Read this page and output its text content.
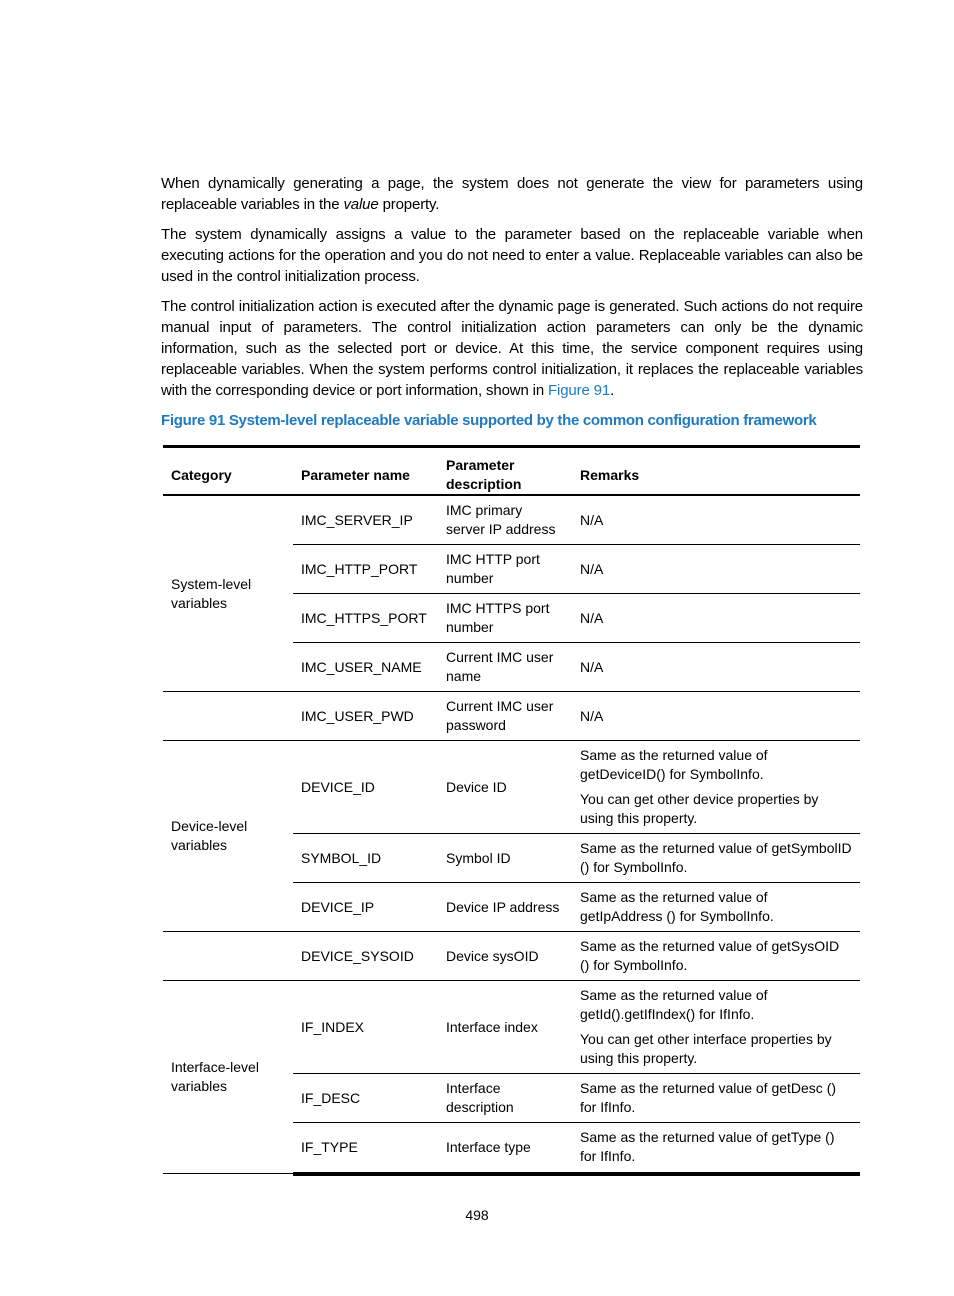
When dynamically generating a page, the system does not generate the view for parameters using replaceable variables in the value property.

The system dynamically assigns a value to the parameter based on the replaceable variable when executing actions for the operation and you do not need to enter a value. Replaceable variables can also be used in the control initialization process.

The control initialization action is executed after the dynamic page is generated. Such actions do not require manual input of parameters. The control initialization action parameters can only be the dynamic information, such as the selected port or device. At this time, the service component requires using replaceable variables. When the system performs control initialization, it replaces the replaceable variables with the corresponding device or port information, shown in Figure 91.

Figure 91 System-level replaceable variable supported by the common configuration framework

Category	Parameter name	Parameter description	Remarks
System-level variables	IMC_SERVER_IP	IMC primary server IP address	N/A

	IMC_HTTP_PORT	IMC HTTP port number	N/A

	IMC_HTTPS_PORT	IMC HTTPS port number	N/A

	IMC_USER_NAME	Current IMC user name	N/A

	IMC_USER_PWD	Current IMC user password	N/A

Device-level variables	DEVICE_ID	Device ID	Same as the returned value of getDeviceID() for SymbolInfo.
You can get other device properties by using this property.

	SYMBOL_ID	Symbol ID	Same as the returned value of getSymbolID () for SymbolInfo.

	DEVICE_IP	Device IP address	Same as the returned value of getIpAddress () for SymbolInfo.

	DEVICE_SYSOID	Device sysOID	Same as the returned value of getSysOID () for SymbolInfo.

Interface-level variables	IF_INDEX	Interface index	Same as the returned value of getId().getIfIndex() for IfInfo.
You can get other interface properties by using this property.

	IF_DESC	Interface description	Same as the returned value of getDesc () for IfInfo.

	IF_TYPE	Interface type	Same as the returned value of getType () for IfInfo.
498
